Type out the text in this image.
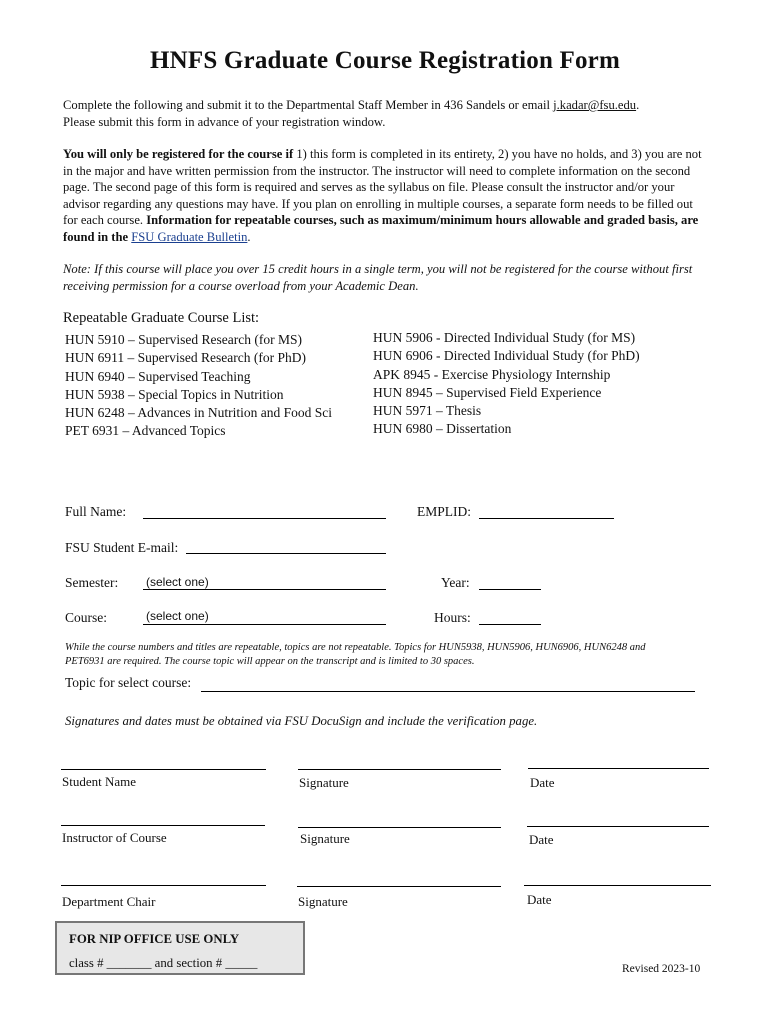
HNFS Graduate Course Registration Form
Complete the following and submit it to the Departmental Staff Member in 436 Sandels or email j.kadar@fsu.edu.
Please submit this form in advance of your registration window.
You will only be registered for the course if 1) this form is completed in its entirety, 2) you have no holds, and 3) you are not in the major and have written permission from the instructor. The instructor will need to complete information on the second page. The second page of this form is required and serves as the syllabus on file. Please consult the instructor and/or your advisor regarding any questions may have. If you plan on enrolling in multiple courses, a separate form needs to be filled out for each course. Information for repeatable courses, such as maximum/minimum hours allowable and graded basis, are found in the FSU Graduate Bulletin.
Note: If this course will place you over 15 credit hours in a single term, you will not be registered for the course without first receiving permission for a course overload from your Academic Dean.
Repeatable Graduate Course List:
HUN 5910 – Supervised Research (for MS)
HUN 6911 – Supervised Research (for PhD)
HUN 6940 – Supervised Teaching
HUN 5938 – Special Topics in Nutrition
HUN 6248 – Advances in Nutrition and Food Sci
PET 6931 – Advanced Topics
HUN 5906 - Directed Individual Study (for MS)
HUN 6906 - Directed Individual Study (for PhD)
APK 8945 - Exercise Physiology Internship
HUN 8945 – Supervised Field Experience
HUN 5971 – Thesis
HUN 6980 – Dissertation
Full Name:	EMPLID:
FSU Student E-mail:
Semester: (select one)	Year:
Course:	(select one)	Hours:
While the course numbers and titles are repeatable, topics are not repeatable. Topics for HUN5938, HUN5906, HUN6906, HUN6248 and PET6931 are required. The course topic will appear on the transcript and is limited to 30 spaces.
Topic for select course:
Signatures and dates must be obtained via FSU DocuSign and include the verification page.
Student Name	Signature	Date
Instructor of Course	Signature	Date
Department Chair	Signature	Date
FOR NIP OFFICE USE ONLY
class # _______ and section # _____	Revised 2023-10
